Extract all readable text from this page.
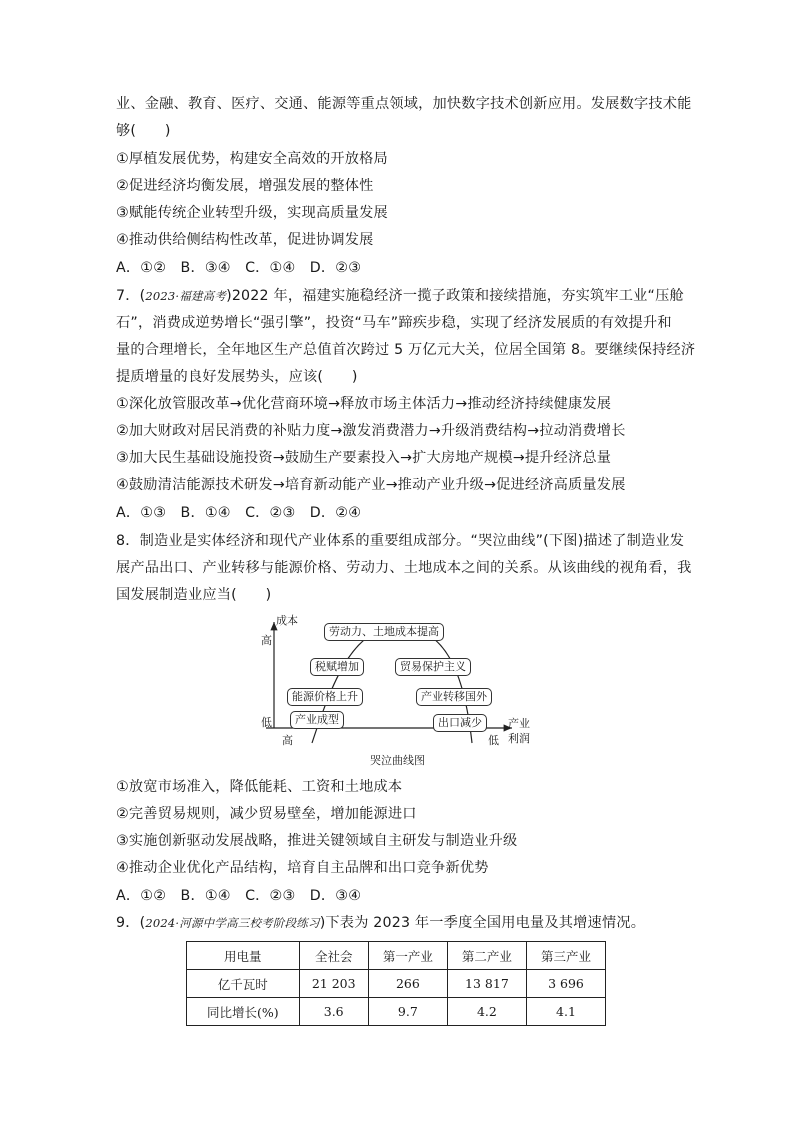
业、金融、教育、医疗、交通、能源等重点领域，加快数字技术创新应用。发展数字技术能
够(　　)
①厚植发展优势，构建安全高效的开放格局
②促进经济均衡发展，增强发展的整体性
③赋能传统企业转型升级，实现高质量发展
④推动供给侧结构性改革，促进协调发展
A．①②　B．③④　C．①④　D．②③
7．(2023·福建高考)2022 年，福建实施稳经济一揽子政策和接续措施，夯实筑牢工业“压舱
石”，消费成逆势增长“强引擎”，投资“马车”蹄疾步稳，实现了经济发展质的有效提升和
量的合理增长，全年地区生产总值首次跨过 5 万亿元大关，位居全国第 8。要继续保持经济
提质增量的良好发展势头，应该(　　)
①深化放管服改革→优化营商环境→释放市场主体活力→推动经济持续健康发展
②加大财政对居民消费的补贴力度→激发消费潜力→升级消费结构→拉动消费增长
③加大民生基础设施投资→鼓励生产要素投入→扩大房地产规模→提升经济总量
④鼓励清洁能源技术研发→培育新动能产业→推动产业升级→促进经济高质量发展
A．①③　B．①④　C．②③　D．②④
8．制造业是实体经济和现代产业体系的重要组成部分。“哭泣曲线”(下图)描述了制造业发
展产品出口、产业转移与能源价格、劳动力、土地成本之间的关系。从该曲线的视角看，我
国发展制造业应当(　　)
成本
高
低	产业
利润
高	低
哭泣曲线图
劳动力、土地成本提高
税赋增加	贸易保护主义
能源价格上升	产业转移国外
产业成型	出口减少
①放宽市场准入，降低能耗、工资和土地成本
②完善贸易规则，减少贸易壁垒，增加能源进口
③实施创新驱动发展战略，推进关键领域自主研发与制造业升级
④推动企业优化产品结构，培育自主品牌和出口竞争新优势
A．①②　B．①④　C．②③　D．③④
9．(2024·河源中学高三校考阶段练习)下表为 2023 年一季度全国用电量及其增速情况。
用电量	全社会	第一产业	第二产业	第三产业
亿千瓦时	21 203	266	13 817	3 696
同比增长(%)	3.6	9.7	4.2	4.1
